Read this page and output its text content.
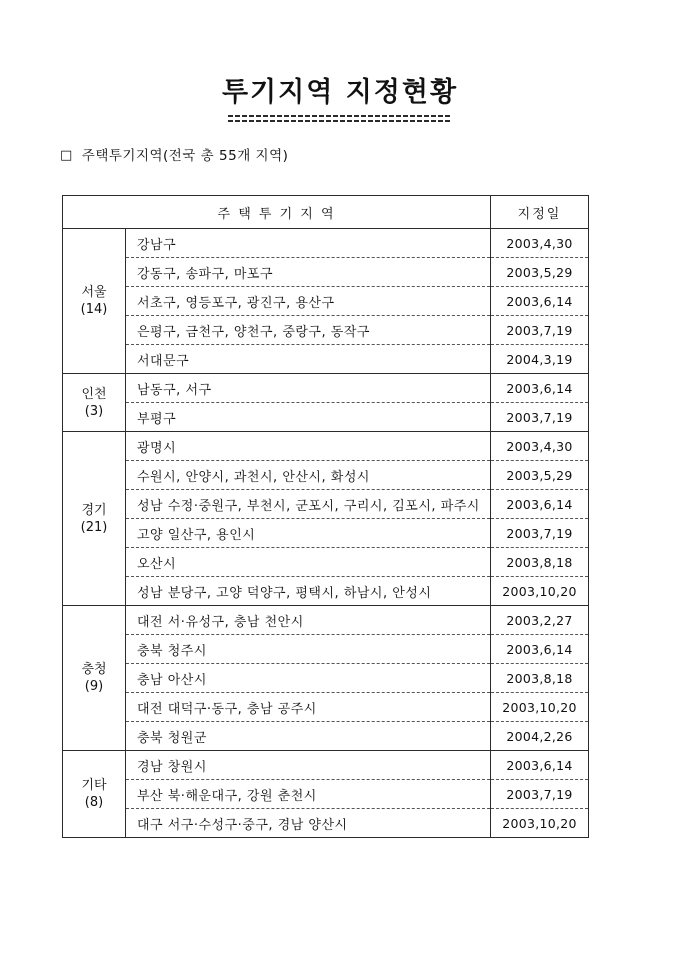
투기지역 지정현황
□ 주택투기지역(전국 총 55개 지역)
주 택 투 기 지 역		지정일

서울
(14)	강남구	2003,4,30
	강동구, 송파구, 마포구	2003,5,29
	서초구, 영등포구, 광진구, 용산구	2003,6,14
	은평구, 금천구, 양천구, 중랑구, 동작구	2003,7,19
	서대문구	2004,3,19

인천
(3)	남동구, 서구	2003,6,14
	부평구	2003,7,19

경기
(21)	광명시	2003,4,30
	수원시, 안양시, 과천시, 안산시, 화성시	2003,5,29
	성남 수정·중원구, 부천시, 군포시, 구리시, 김포시, 파주시	2003,6,14
	고양 일산구, 용인시	2003,7,19
	오산시	2003,8,18
	성남 분당구, 고양 덕양구, 평택시, 하남시, 안성시	2003,10,20

충청
(9)	대전 서·유성구, 충남 천안시	2003,2,27
	충북 청주시	2003,6,14
	충남 아산시	2003,8,18
	대전 대덕구·동구, 충남 공주시	2003,10,20
	충북 청원군	2004,2,26

기타
(8)	경남 창원시	2003,6,14
	부산 북·해운대구, 강원 춘천시	2003,7,19
	대구 서구·수성구·중구, 경남 양산시	2003,10,20
